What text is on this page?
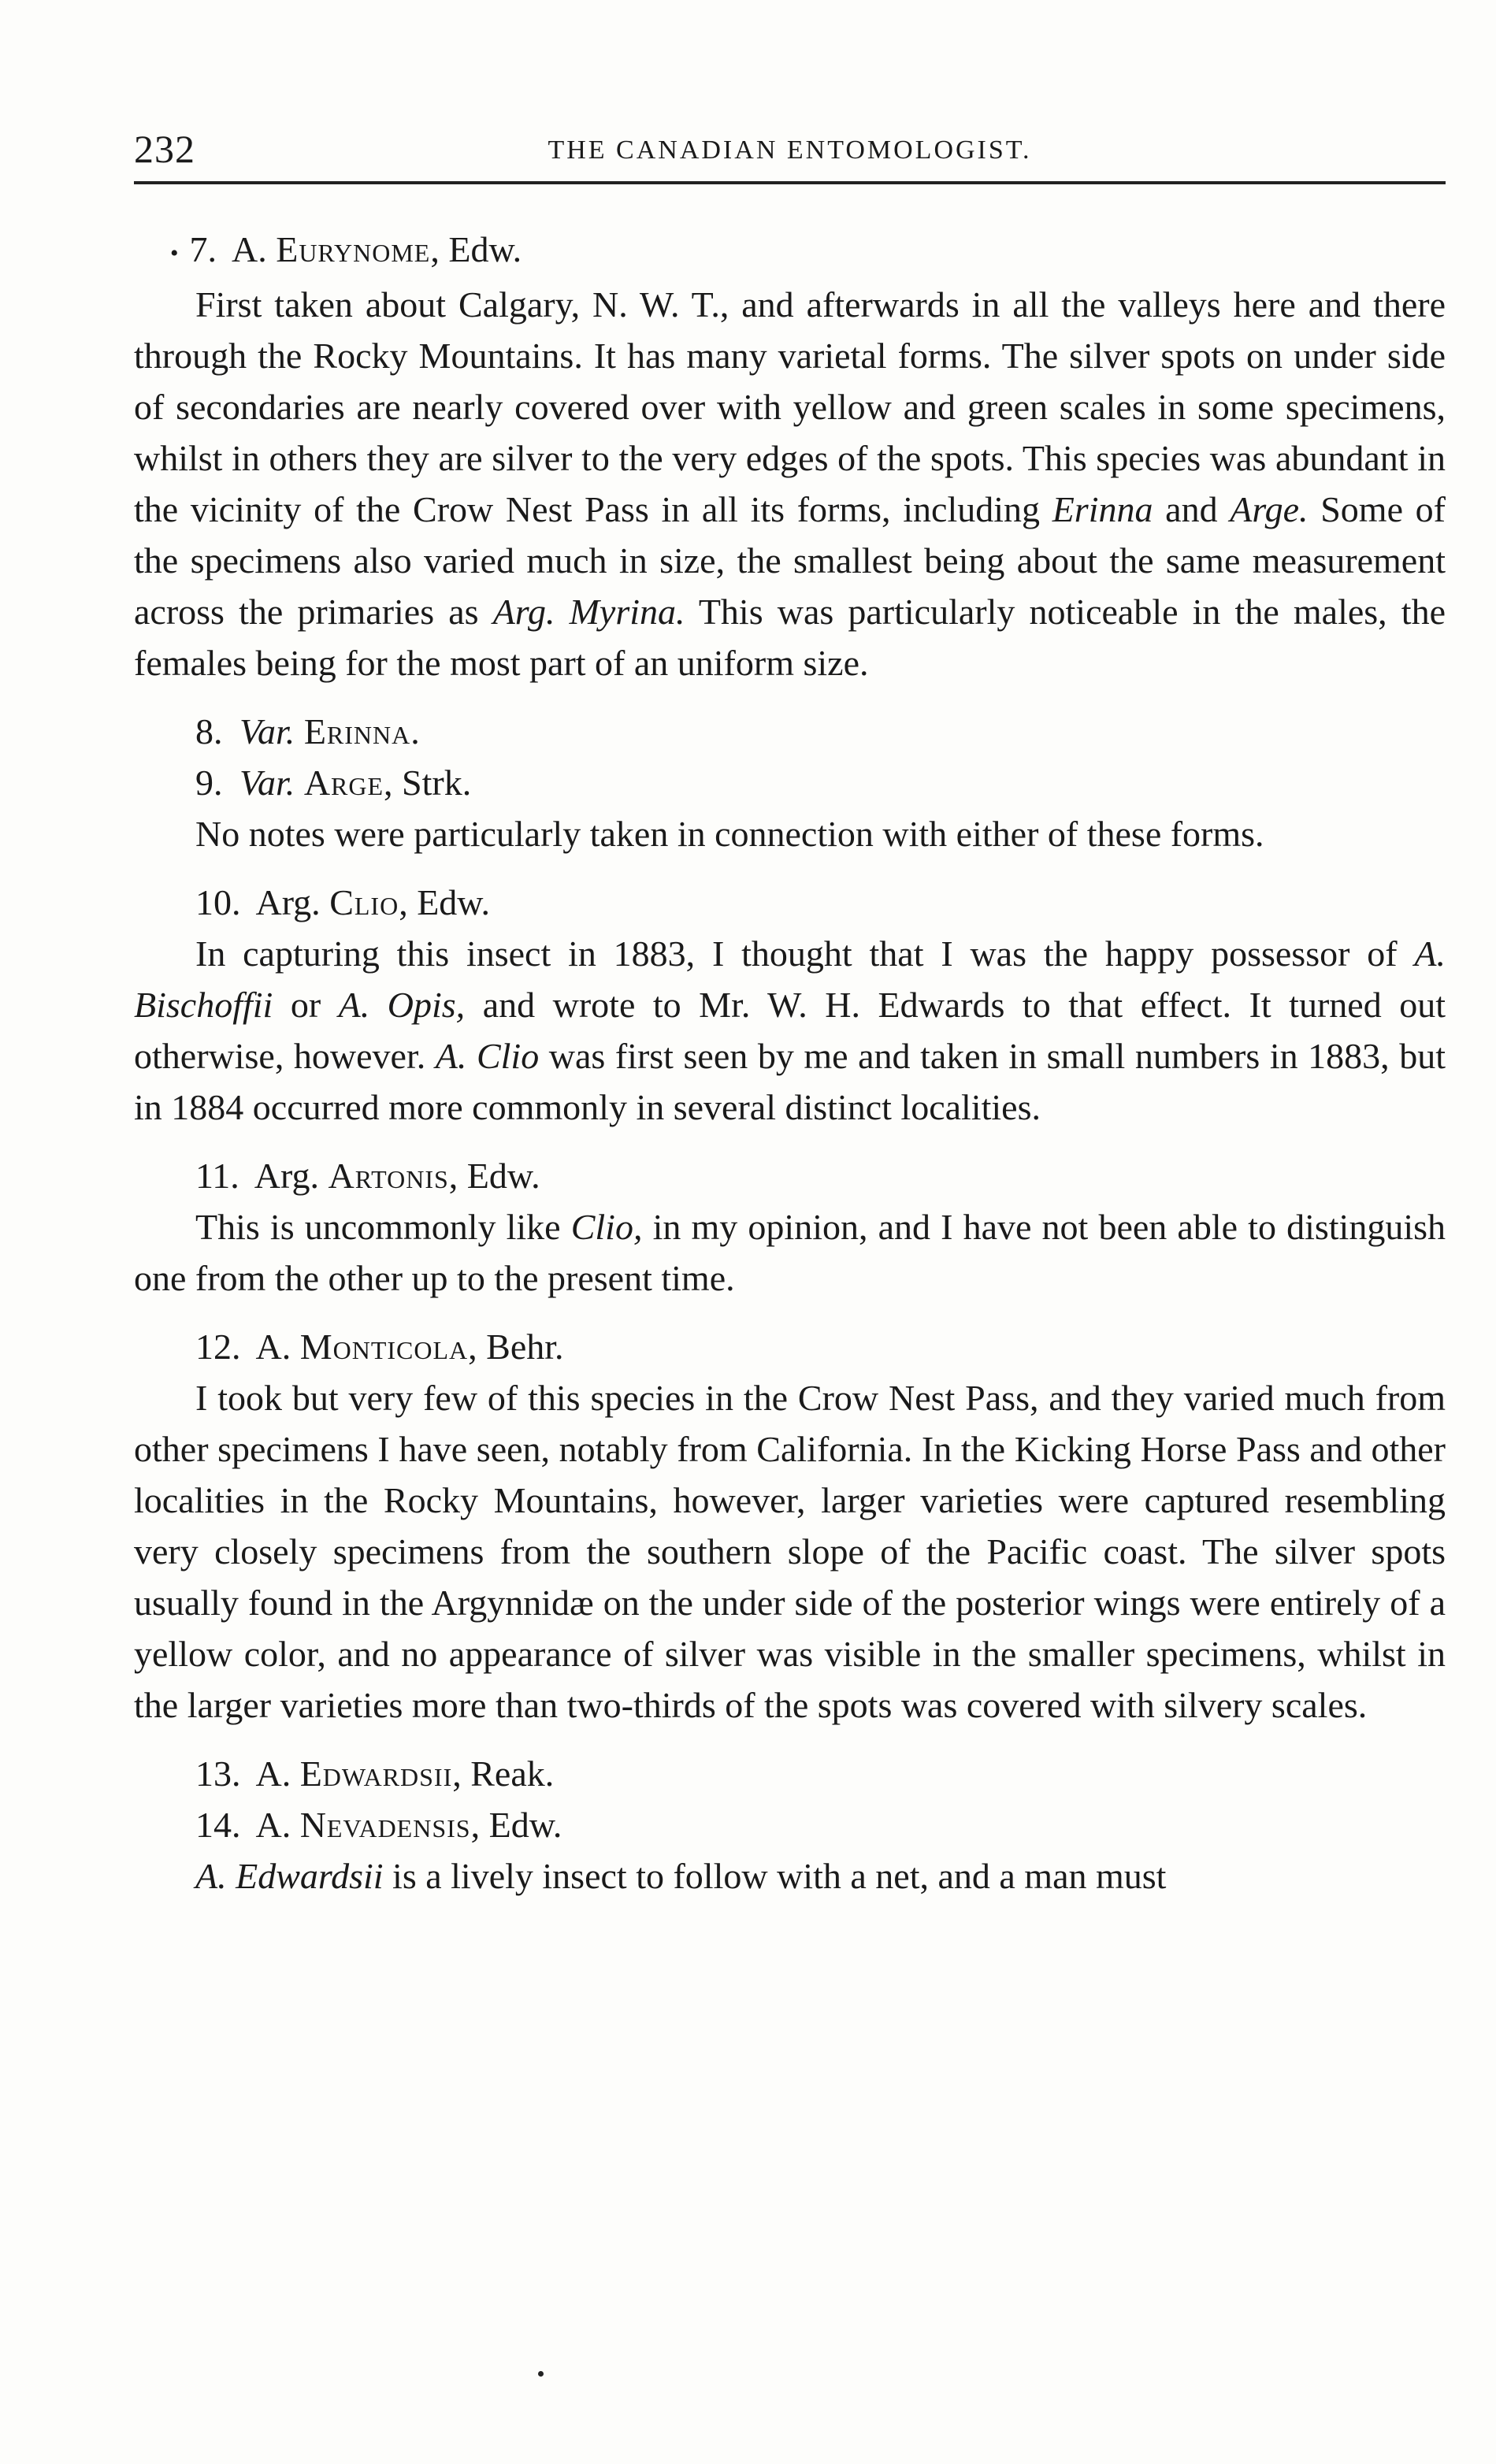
232	THE CANADIAN ENTOMOLOGIST.

• 7. A. Eurynome, Edw.

First taken about Calgary, N. W. T., and afterwards in all the valleys here and there through the Rocky Mountains. It has many varietal forms. The silver spots on under side of secondaries are nearly covered over with yellow and green scales in some specimens, whilst in others they are silver to the very edges of the spots. This species was abundant in the vicinity of the Crow Nest Pass in all its forms, including Erinna and Arge. Some of the specimens also varied much in size, the smallest being about the same measurement across the primaries as Arg. Myrina. This was particularly noticeable in the males, the females being for the most part of an uniform size.

8. Var. Erinna.

9. Var. Arge, Strk.

No notes were particularly taken in connection with either of these forms.

10. Arg. Clio, Edw.

In capturing this insect in 1883, I thought that I was the happy possessor of A. Bischoffii or A. Opis, and wrote to Mr. W. H. Edwards to that effect. It turned out otherwise, however. A. Clio was first seen by me and taken in small numbers in 1883, but in 1884 occurred more commonly in several distinct localities.

11. Arg. Artonis, Edw.

This is uncommonly like Clio, in my opinion, and I have not been able to distinguish one from the other up to the present time.

12. A. Monticola, Behr.

I took but very few of this species in the Crow Nest Pass, and they varied much from other specimens I have seen, notably from California. In the Kicking Horse Pass and other localities in the Rocky Mountains, however, larger varieties were captured resembling very closely specimens from the southern slope of the Pacific coast. The silver spots usually found in the Argynnidæ on the under side of the posterior wings were entirely of a yellow color, and no appearance of silver was visible in the smaller specimens, whilst in the larger varieties more than two-thirds of the spots was covered with silvery scales.

13. A. Edwardsii, Reak.

14. A. Nevadensis, Edw.

A. Edwardsii is a lively insect to follow with a net, and a man must
